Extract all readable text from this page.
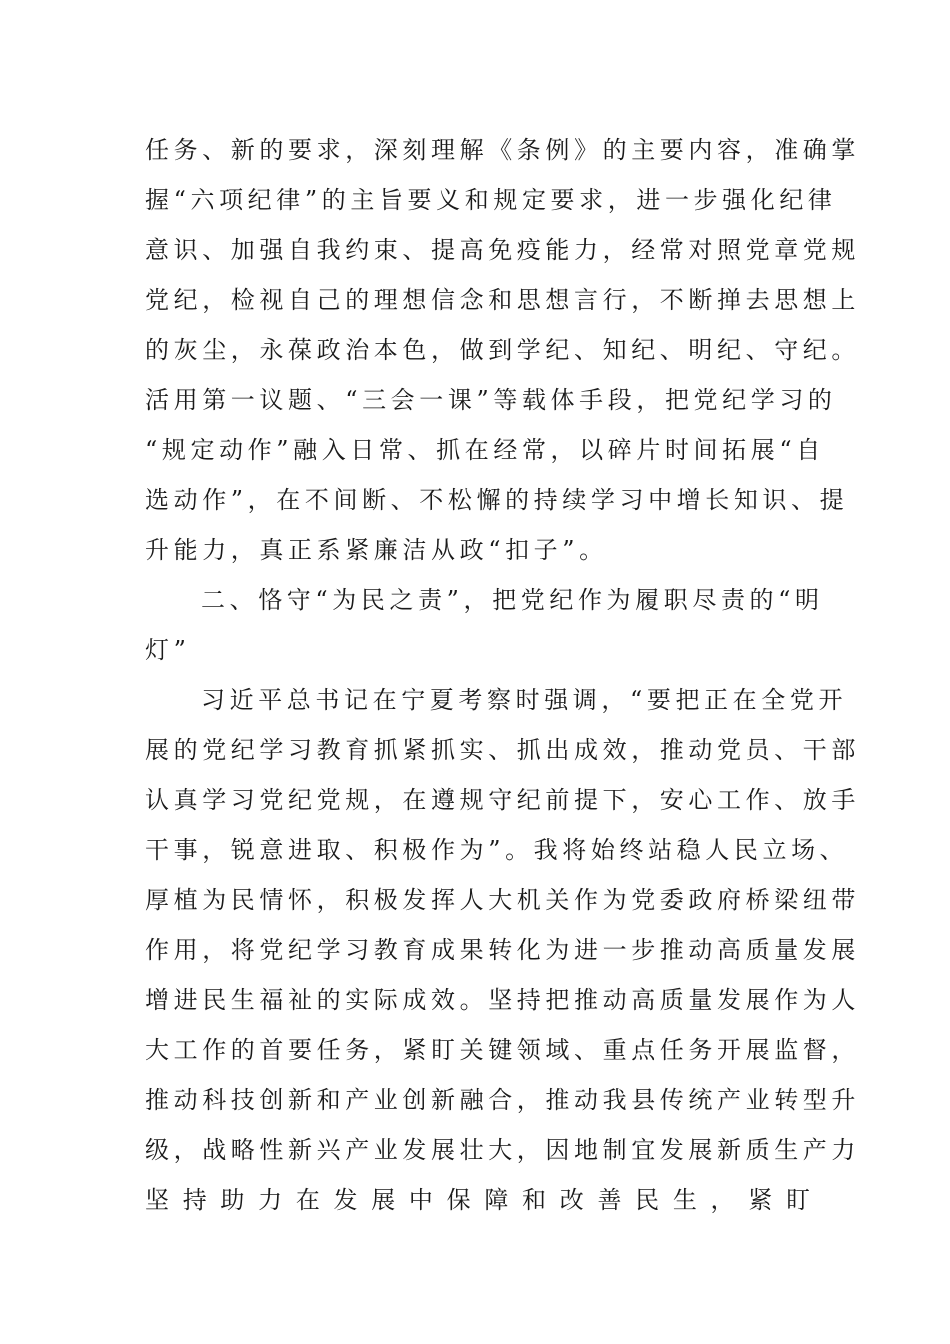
任务、新的要求，深刻理解《条例》的主要内容，准确掌
握“六项纪律”的主旨要义和规定要求，进一步强化纪律
意识、加强自我约束、提高免疫能力，经常对照党章党规
党纪，检视自己的理想信念和思想言行，不断掸去思想上
的灰尘，永葆政治本色，做到学纪、知纪、明纪、守纪。
活用第一议题、“三会一课”等载体手段，把党纪学习的
“规定动作”融入日常、抓在经常，以碎片时间拓展“自
选动作”，在不间断、不松懈的持续学习中增长知识、提
升能力，真正系紧廉洁从政“扣子”。
二、恪守“为民之责”，把党纪作为履职尽责的“明
灯”
习近平总书记在宁夏考察时强调，“要把正在全党开
展的党纪学习教育抓紧抓实、抓出成效，推动党员、干部
认真学习党纪党规，在遵规守纪前提下，安心工作、放手
干事，锐意进取、积极作为”。我将始终站稳人民立场、
厚植为民情怀，积极发挥人大机关作为党委政府桥梁纽带
作用，将党纪学习教育成果转化为进一步推动高质量发展
增进民生福祉的实际成效。坚持把推动高质量发展作为人
大工作的首要任务，紧盯关键领域、重点任务开展监督，
推动科技创新和产业创新融合，推动我县传统产业转型升
级，战略性新兴产业发展壮大，因地制宜发展新质生产力
坚 持 助 力 在 发 展 中 保 障 和 改 善 民 生 ， 紧 盯
